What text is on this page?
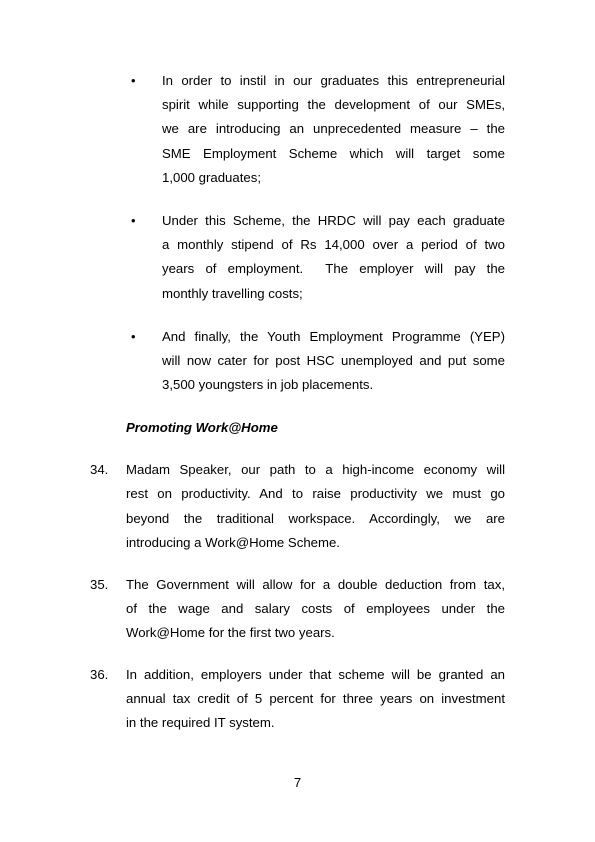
• In order to instil in our graduates this entrepreneurial
spirit while supporting the development of our SMEs,
we are introducing an unprecedented measure – the
SME Employment Scheme which will target some
1,000 graduates;
• Under this Scheme, the HRDC will pay each graduate
a monthly stipend of Rs 14,000 over a period of two
years of employment.  The employer will pay the
monthly travelling costs;
• And finally, the Youth Employment Programme (YEP)
will now cater for post HSC unemployed and put some
3,500 youngsters in job placements.
Promoting Work@Home
34. Madam Speaker, our path to a high-income economy will
rest on productivity. And to raise productivity we must go
beyond the traditional workspace. Accordingly, we are
introducing a Work@Home Scheme.
35. The Government will allow for a double deduction from tax,
of the wage and salary costs of employees under the
Work@Home for the first two years.
36. In addition, employers under that scheme will be granted an
annual tax credit of 5 percent for three years on investment
in the required IT system.
7
